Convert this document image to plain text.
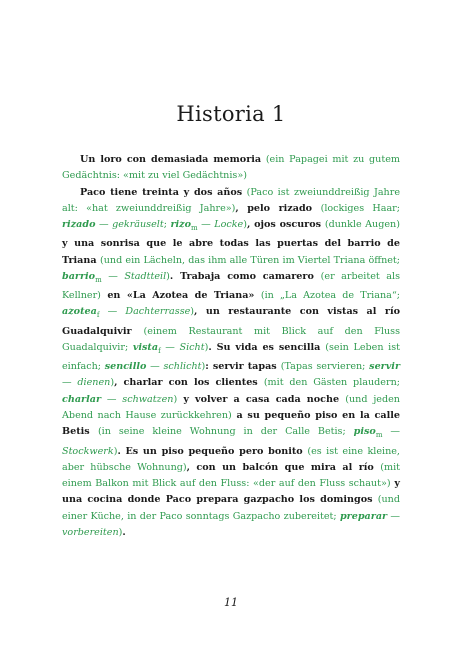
Historia 1

Un loro con demasiada memoria (ein Papagei mit zu gutem Gedächtnis: «mit zu viel Gedächtnis»)

Paco tiene treinta y dos años (Paco ist zweiunddreißig Jahre alt: «hat zweiunddreißig Jahre»), pelo rizado (lockiges Haar; rizado — gekräuselt; rizo$_m$ — Locke), ojos oscuros (dunkle Augen) y una sonrisa que le abre todas las puertas del barrio de Triana (und ein Lächeln, das ihm alle Türen im Viertel Triana öffnet; barrio$_m$ — Stadtteil). Trabaja como camarero (er arbeitet als Kellner) en «La Azotea de Triana» (in „La Azotea de Triana“; azotea$_f$ — Dachterrasse), un restaurante con vistas al río Guadalquivir (einem Restaurant mit Blick auf den Fluss Guadalquivir; vista$_f$ — Sicht). Su vida es sencilla (sein Leben ist einfach; sencillo — schlicht): servir tapas (Tapas servieren; servir — dienen), charlar con los clientes (mit den Gästen plaudern; charlar — schwatzen) y volver a casa cada noche (und jeden Abend nach Hause zurückkehren) a su pequeño piso en la calle Betis (in seine kleine Wohnung in der Calle Betis; piso$_m$ — Stockwerk). Es un piso pequeño pero bonito (es ist eine kleine, aber hübsche Wohnung), con un balcón que mira al río (mit einem Balkon mit Blick auf den Fluss: «der auf den Fluss schaut») y una cocina donde Paco prepara gazpacho los domingos (und einer Küche, in der Paco sonntags Gazpacho zubereitet; preparar — vorbereiten).

11
